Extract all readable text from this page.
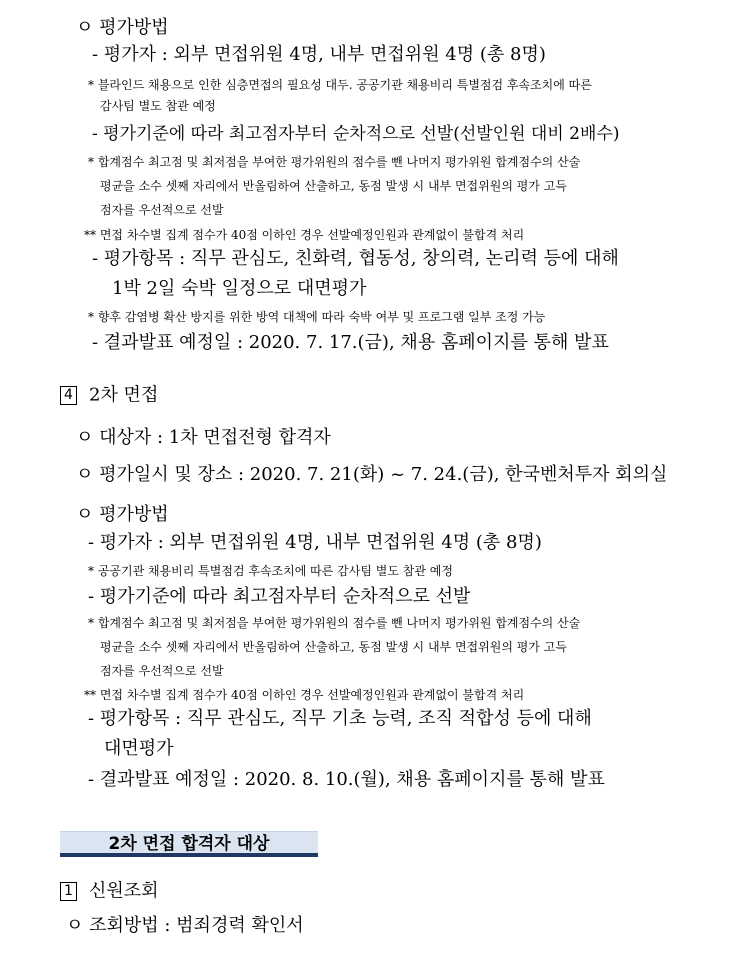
ㅇ 평가방법
- 평가자 : 외부 면접위원 4명, 내부 면접위원 4명 (총 8명)
* 블라인드 채용으로 인한 심층면접의 필요성 대두. 공공기관 채용비리 특별점검 후속조치에 따른
감사팀 별도 참관 예정
- 평가기준에 따라 최고점자부터 순차적으로 선발(선발인원 대비 2배수)
* 합계점수 최고점 및 최저점을 부여한 평가위원의 점수를 뺀 나머지 평가위원 합계점수의 산술
평균을 소수 셋째 자리에서 반올림하여 산출하고, 동점 발생 시 내부 면접위원의 평가 고득
점자를 우선적으로 선발
** 면접 차수별 집계 점수가 40점 이하인 경우 선발예정인원과 관계없이 불합격 처리
- 평가항목 : 직무 관심도, 친화력, 협동성, 창의력, 논리력 등에 대해
1박 2일 숙박 일정으로 대면평가
* 향후 감염병 확산 방지를 위한 방역 대책에 따라 숙박 여부 및 프로그램 일부 조정 가능
- 결과발표 예정일 : 2020. 7. 17.(금), 채용 홈페이지를 통해 발표
4 2차 면접
ㅇ 대상자 : 1차 면접전형 합격자
ㅇ 평가일시 및 장소 : 2020. 7. 21(화) ~ 7. 24.(금), 한국벤처투자 회의실
ㅇ 평가방법
- 평가자 : 외부 면접위원 4명, 내부 면접위원 4명 (총 8명)
* 공공기관 채용비리 특별점검 후속조치에 따른 감사팀 별도 참관 예정
- 평가기준에 따라 최고점자부터 순차적으로 선발
* 합계점수 최고점 및 최저점을 부여한 평가위원의 점수를 뺀 나머지 평가위원 합계점수의 산술
평균을 소수 셋째 자리에서 반올림하여 산출하고, 동점 발생 시 내부 면접위원의 평가 고득
점자를 우선적으로 선발
** 면접 차수별 집계 점수가 40점 이하인 경우 선발예정인원과 관계없이 불합격 처리
- 평가항목 : 직무 관심도, 직무 기초 능력, 조직 적합성 등에 대해
대면평가
- 결과발표 예정일 : 2020. 8. 10.(월), 채용 홈페이지를 통해 발표
2차 면접 합격자 대상
1 신원조회
ㅇ 조회방법 : 범죄경력 확인서
